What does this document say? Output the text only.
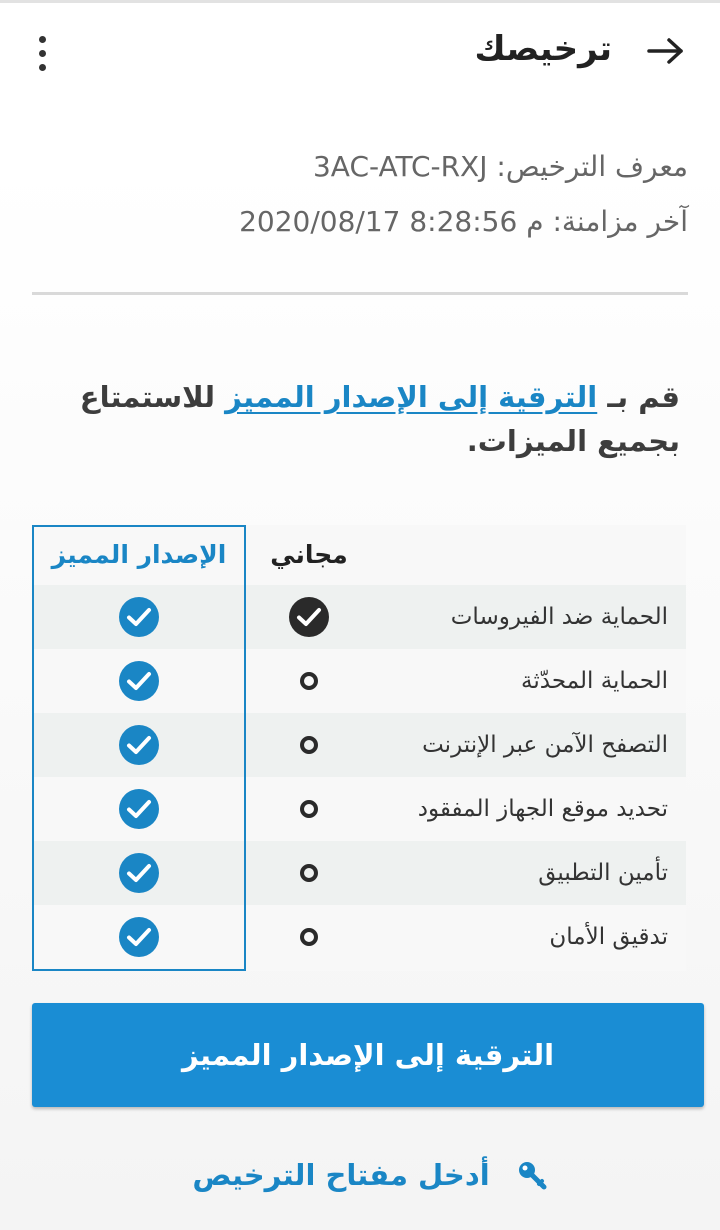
ترخيصك
معرف الترخيص: 3AC-ATC-RXJ
آخر مزامنة: 2020/08/17 8:28:56 م
قم بـ الترقية إلى الإصدار المميز للاستمتاع بجميع الميزات.
مجاني
الإصدار المميز
الحماية ضد الفيروسات
الحماية المحدّثة
التصفح الآمن عبر الإنترنت
تحديد موقع الجهاز المفقود
تأمين التطبيق
تدقيق الأمان
الترقية إلى الإصدار المميز
أدخل مفتاح الترخيص
